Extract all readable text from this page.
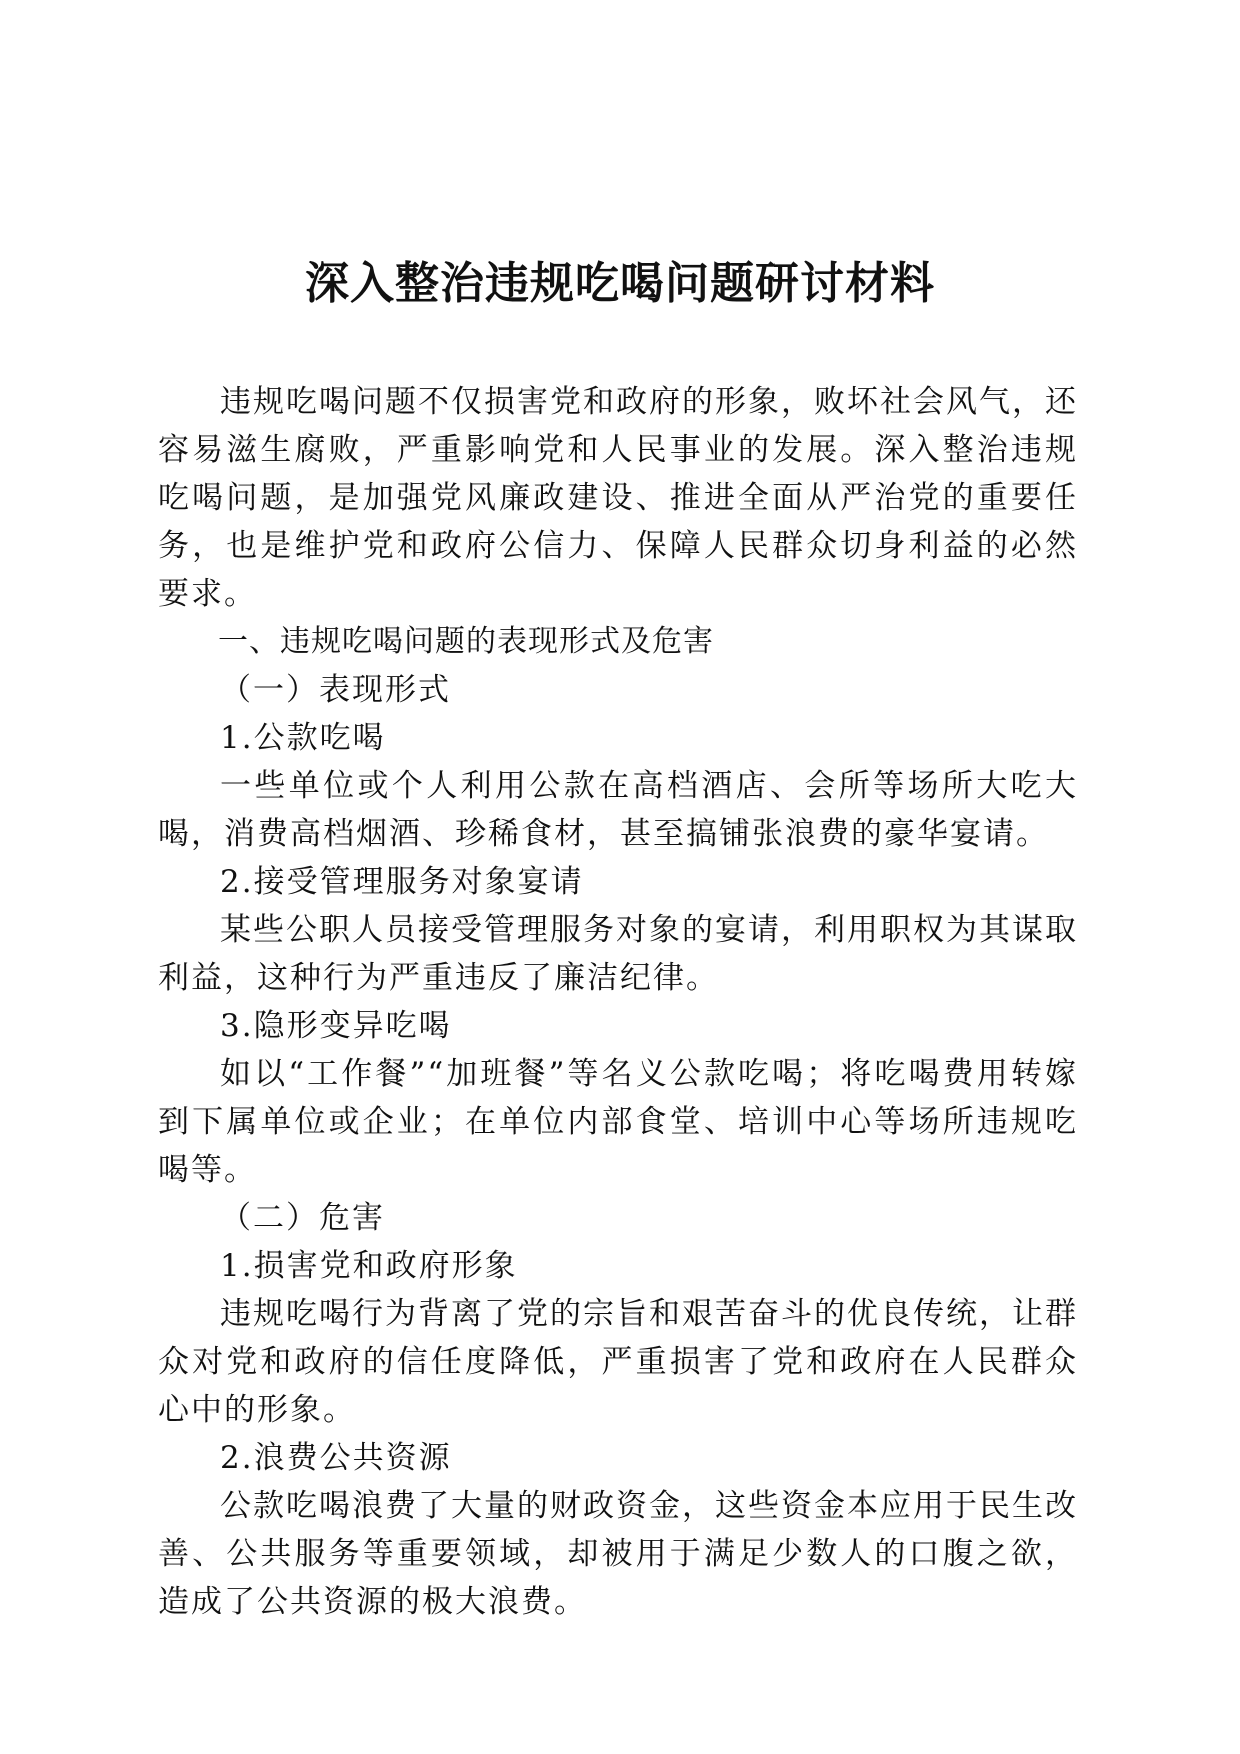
深入整治违规吃喝问题研讨材料

违规吃喝问题不仅损害党和政府的形象，败坏社会风气，还容易滋生腐败，严重影响党和人民事业的发展。深入整治违规吃喝问题，是加强党风廉政建设、推进全面从严治党的重要任务，也是维护党和政府公信力、保障人民群众切身利益的必然要求。

一、违规吃喝问题的表现形式及危害

（一）表现形式

1.公款吃喝

一些单位或个人利用公款在高档酒店、会所等场所大吃大喝，消费高档烟酒、珍稀食材，甚至搞铺张浪费的豪华宴请。

2.接受管理服务对象宴请

某些公职人员接受管理服务对象的宴请，利用职权为其谋取利益，这种行为严重违反了廉洁纪律。

3.隐形变异吃喝

如以“工作餐”“加班餐”等名义公款吃喝；将吃喝费用转嫁到下属单位或企业；在单位内部食堂、培训中心等场所违规吃喝等。

（二）危害

1.损害党和政府形象

违规吃喝行为背离了党的宗旨和艰苦奋斗的优良传统，让群众对党和政府的信任度降低，严重损害了党和政府在人民群众心中的形象。

2.浪费公共资源

公款吃喝浪费了大量的财政资金，这些资金本应用于民生改善、公共服务等重要领域，却被用于满足少数人的口腹之欲，造成了公共资源的极大浪费。
